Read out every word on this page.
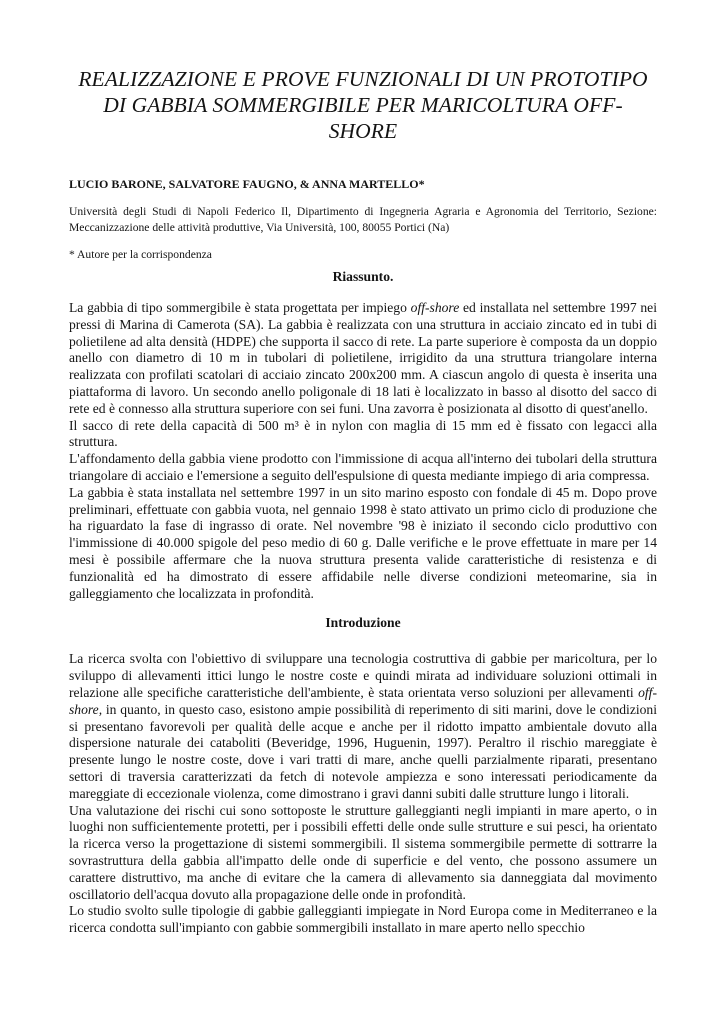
REALIZZAZIONE E PROVE FUNZIONALI DI UN PROTOTIPO
DI GABBIA SOMMERGIBILE PER MARICOLTURA OFF-SHORE

LUCIO BARONE, SALVATORE FAUGNO, & ANNA MARTELLO*

Università degli Studi di Napoli Federico Il, Dipartimento di Ingegneria Agraria e Agronomia del Territorio, Sezione: Meccanizzazione delle attività produttive, Via Università, 100, 80055 Portici (Na)

* Autore per la corrispondenza

Riassunto.

La gabbia di tipo sommergibile è stata progettata per impiego off-shore ed installata nel settembre 1997 nei pressi di Marina di Camerota (SA). La gabbia è realizzata con una struttura in acciaio zincato ed in tubi di polietilene ad alta densità (HDPE) che supporta il sacco di rete. La parte superiore è composta da un doppio anello con diametro di 10 m in tubolari di polietilene, irrigidito da una struttura triangolare interna realizzata con profilati scatolari di acciaio zincato 200x200 mm. A ciascun angolo di questa è inserita una piattaforma di lavoro. Un secondo anello poligonale di 18 lati è localizzato in basso al disotto del sacco di rete ed è connesso alla struttura superiore con sei funi. Una zavorra è posizionata al disotto di quest'anello.

Il sacco di rete della capacità di 500 m³ è in nylon con maglia di 15 mm ed è fissato con legacci alla struttura.

L'affondamento della gabbia viene prodotto con l'immissione di acqua all'interno dei tubolari della struttura triangolare di acciaio e l'emersione a seguito dell'espulsione di questa mediante impiego di aria compressa.

La gabbia è stata installata nel settembre 1997 in un sito marino esposto con fondale di 45 m. Dopo prove preliminari, effettuate con gabbia vuota, nel gennaio 1998 è stato attivato un primo ciclo di produzione che ha riguardato la fase di ingrasso di orate. Nel novembre '98 è iniziato il secondo ciclo produttivo con l'immissione di 40.000 spigole del peso medio di 60 g. Dalle verifiche e le prove effettuate in mare per 14 mesi è possibile affermare che la nuova struttura presenta valide caratteristiche di resistenza e di funzionalità ed ha dimostrato di essere affidabile nelle diverse condizioni meteomarine, sia in galleggiamento che localizzata in profondità.

Introduzione

La ricerca svolta con l'obiettivo di sviluppare una tecnologia costruttiva di gabbie per maricoltura, per lo sviluppo di allevamenti ittici lungo le nostre coste e quindi mirata ad individuare soluzioni ottimali in relazione alle specifiche caratteristiche dell'ambiente, è stata orientata verso soluzioni per allevamenti off-shore, in quanto, in questo caso, esistono ampie possibilità di reperimento di siti marini, dove le condizioni si presentano favorevoli per qualità delle acque e anche per il ridotto impatto ambientale dovuto alla dispersione naturale dei cataboliti (Beveridge, 1996, Huguenin, 1997). Peraltro il rischio mareggiate è presente lungo le nostre coste, dove i vari tratti di mare, anche quelli parzialmente riparati, presentano settori di traversia caratterizzati da fetch di notevole ampiezza e sono interessati periodicamente da mareggiate di eccezionale violenza, come dimostrano i gravi danni subiti dalle strutture lungo i litorali.

Una valutazione dei rischi cui sono sottoposte le strutture galleggianti negli impianti in mare aperto, o in luoghi non sufficientemente protetti, per i possibili effetti delle onde sulle strutture e sui pesci, ha orientato la ricerca verso la progettazione di sistemi sommergibili. Il sistema sommergibile permette di sottrarre la sovrastruttura della gabbia all'impatto delle onde di superficie e del vento, che possono assumere un carattere distruttivo, ma anche di evitare che la camera di allevamento sia danneggiata dal movimento oscillatorio dell'acqua dovuto alla propagazione delle onde in profondità.

Lo studio svolto sulle tipologie di gabbie galleggianti impiegate in Nord Europa come in Mediterraneo e la ricerca condotta sull'impianto con gabbie sommergibili installato in mare aperto nello specchio
